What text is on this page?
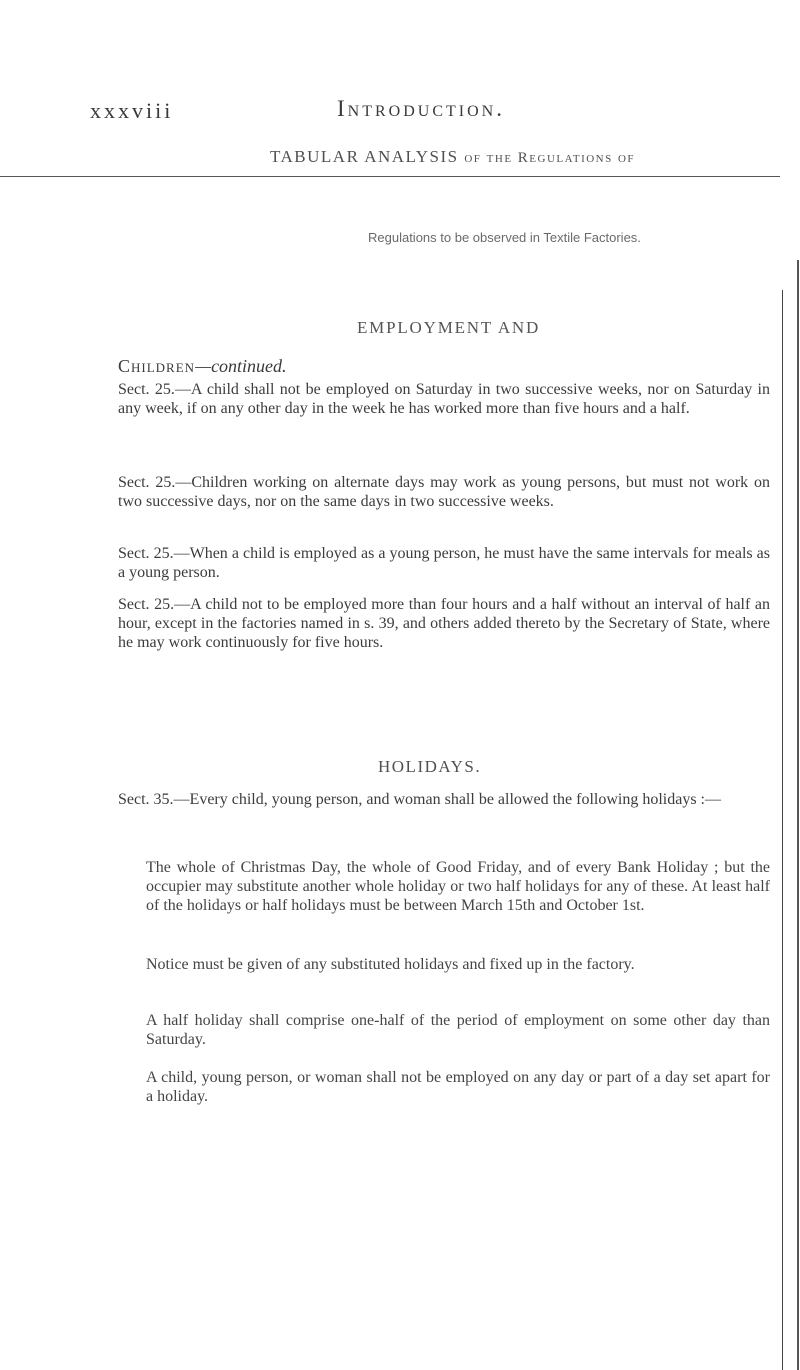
xxxviii	Introduction.
TABULAR ANALYSIS of the Regulations of
Regulations to be observed in Textile Factories.
EMPLOYMENT AND
Children—continued.

Sect. 25.—A child shall not be employed on Saturday in two successive weeks, nor on Saturday in any week, if on any other day in the week he has worked more than five hours and a half.

Sect. 25.—Children working on alternate days may work as young persons, but must not work on two successive days, nor on the same days in two successive weeks.

Sect. 25.—When a child is employed as a young person, he must have the same intervals for meals as a young person.

Sect. 25.—A child not to be employed more than four hours and a half without an interval of half an hour, except in the factories named in s. 39, and others added thereto by the Secretary of State, where he may work continuously for five hours.

HOLIDAYS.

Sect. 35.—Every child, young person, and woman shall be allowed the following holidays :—

The whole of Christmas Day, the whole of Good Friday, and of every Bank Holiday ; but the occupier may substitute another whole holiday or two half holidays for any of these. At least half of the holidays or half holidays must be between March 15th and October 1st.

Notice must be given of any substituted holidays and fixed up in the factory.

A half holiday shall comprise one-half of the period of employment on some other day than Saturday.

A child, young person, or woman shall not be employed on any day or part of a day set apart for a holiday.
